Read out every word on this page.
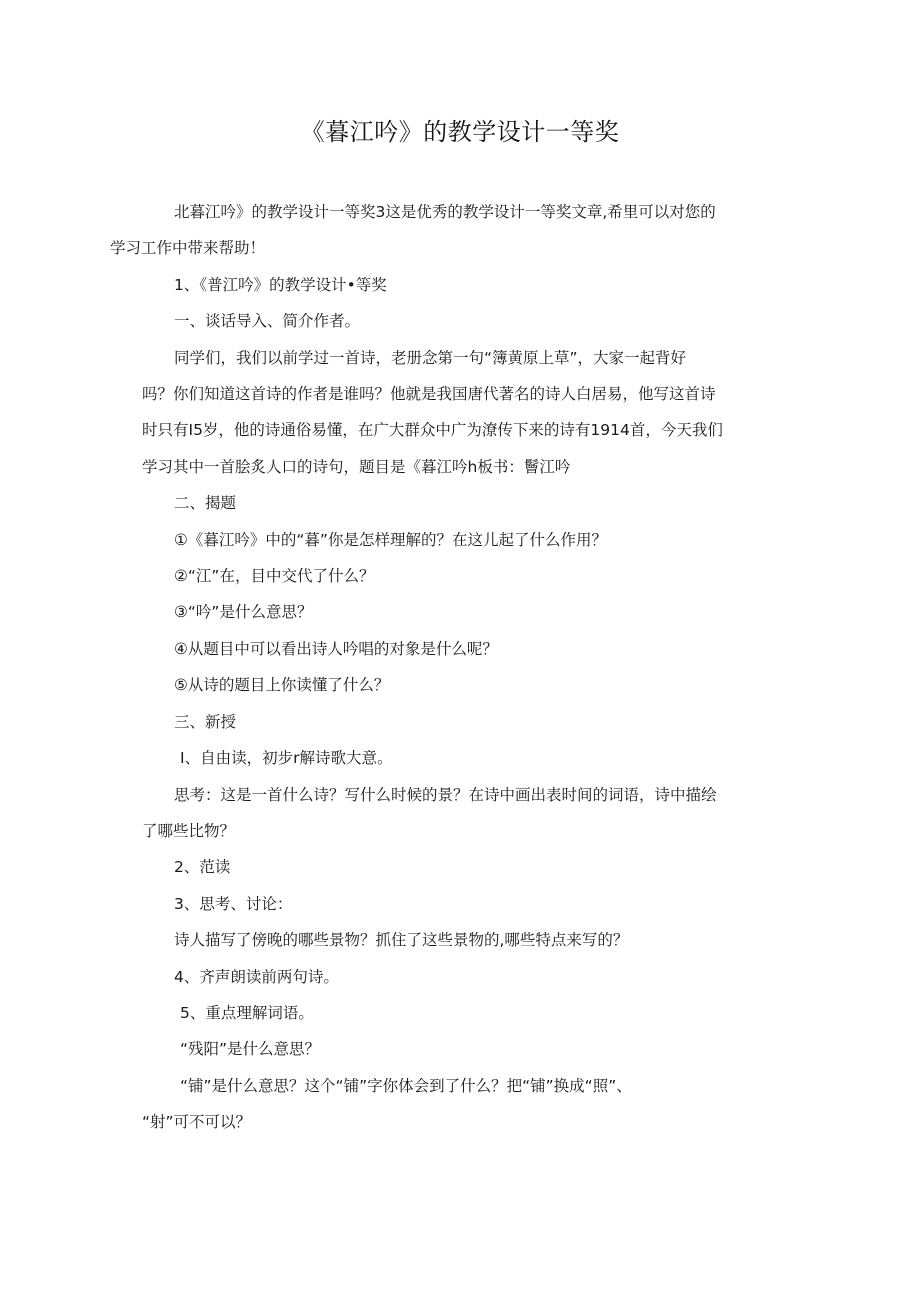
《暮江吟》的教学设计一等奖

北暮江吟》的教学设计一等奖3这是优秀的教学设计一等奖文章,希里可以对您的
学习工作中带来帮助！

1、《普江吟》的教学设计•等奖

一、谈话导入、简介作者。

同学们，我们以前学过一首诗，老册念第一句“簿黄原上草”，大家一起背好
吗？你们知道这首诗的作者是谁吗？他就是我国唐代著名的诗人白居易，他写这首诗
时只有I5岁，他的诗通俗易懂，在广大群众中广为潦传下来的诗有1914首，今天我们
学习其中一首脍炙人口的诗句，题目是《暮江吟h板书：鬙江吟

二、揭题

①《暮江吟》中的“暮”你是怎样理解的？在这儿起了什么作用？

②“江”在，目中交代了什么？

③“吟”是什么意思？

④从题目中可以看出诗人吟唱的对象是什么呢？

⑤从诗的题目上你读懂了什么？

三、新授

I、自由读，初步r解诗歌大意。

思考：这是一首什么诗？写什么时候的景？在诗中画出表时间的词语，诗中描绘
了哪些比物？

2、范读

3、思考、讨论：

诗人描写了傍晚的哪些景物？抓住了这些景物的,哪些特点来写的？

4、齐声朗读前两句诗。

5、重点理解词语。

“残阳”是什么意思？

“铺”是什么意思？这个“铺”字你体会到了什么？把“铺”换成“照”、
“射”可不可以？
